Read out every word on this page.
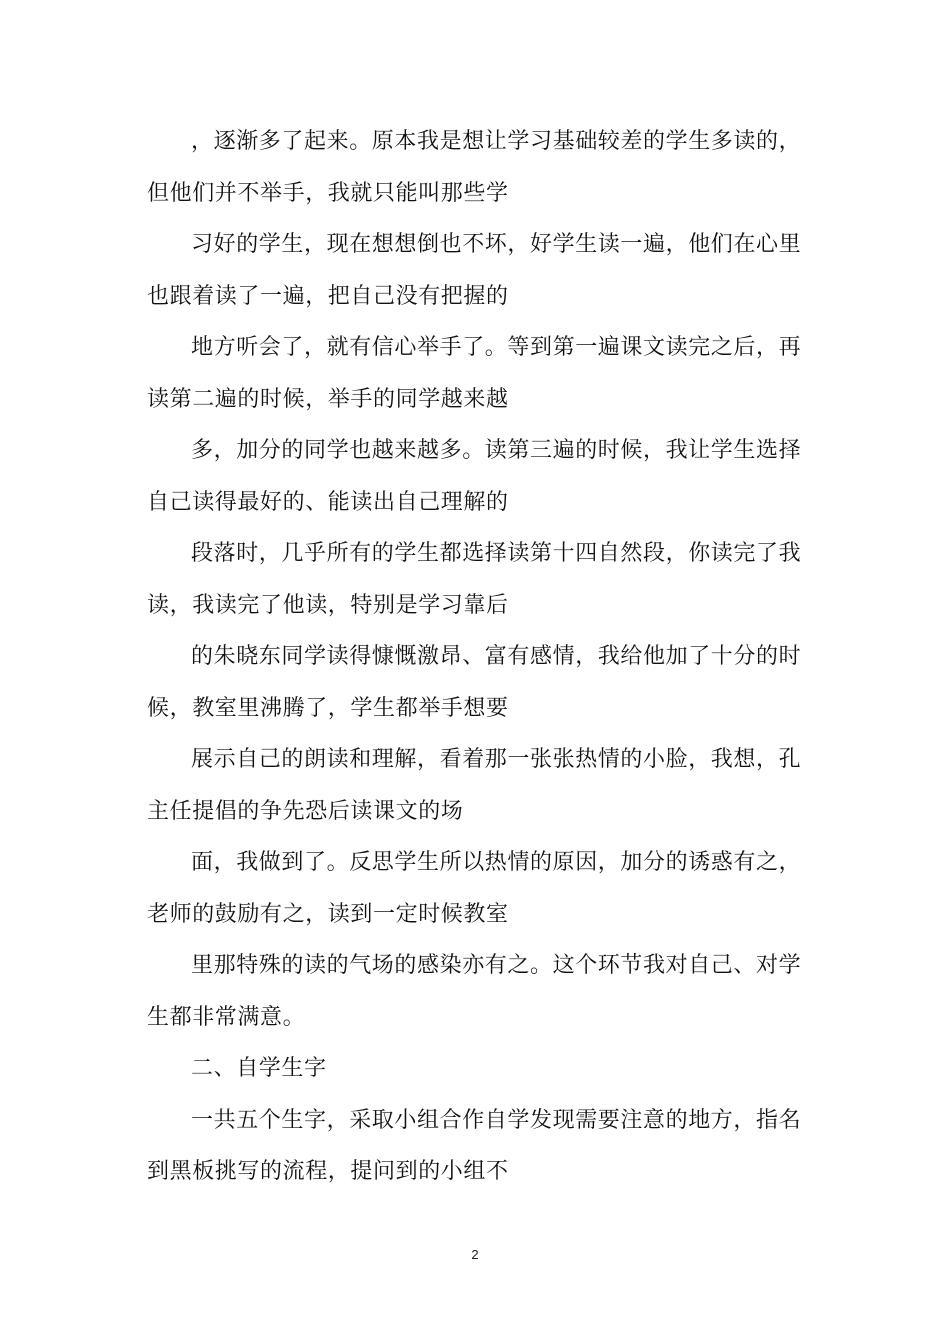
，逐渐多了起来。原本我是想让学习基础较差的学生多读的，
但他们并不举手，我就只能叫那些学

习好的学生，现在想想倒也不坏，好学生读一遍，他们在心里
也跟着读了一遍，把自己没有把握的

地方听会了，就有信心举手了。等到第一遍课文读完之后，再
读第二遍的时候，举手的同学越来越

多，加分的同学也越来越多。读第三遍的时候，我让学生选择
自己读得最好的、能读出自己理解的

段落时，几乎所有的学生都选择读第十四自然段，你读完了我
读，我读完了他读，特别是学习靠后

的朱晓东同学读得慷慨激昂、富有感情，我给他加了十分的时
候，教室里沸腾了，学生都举手想要

展示自己的朗读和理解，看着那一张张热情的小脸，我想，孔
主任提倡的争先恐后读课文的场

面，我做到了。反思学生所以热情的原因，加分的诱惑有之，
老师的鼓励有之，读到一定时候教室

里那特殊的读的气场的感染亦有之。这个环节我对自己、对学
生都非常满意。

二、自学生字

一共五个生字，采取小组合作自学发现需要注意的地方，指名
到黑板挑写的流程，提问到的小组不

2
